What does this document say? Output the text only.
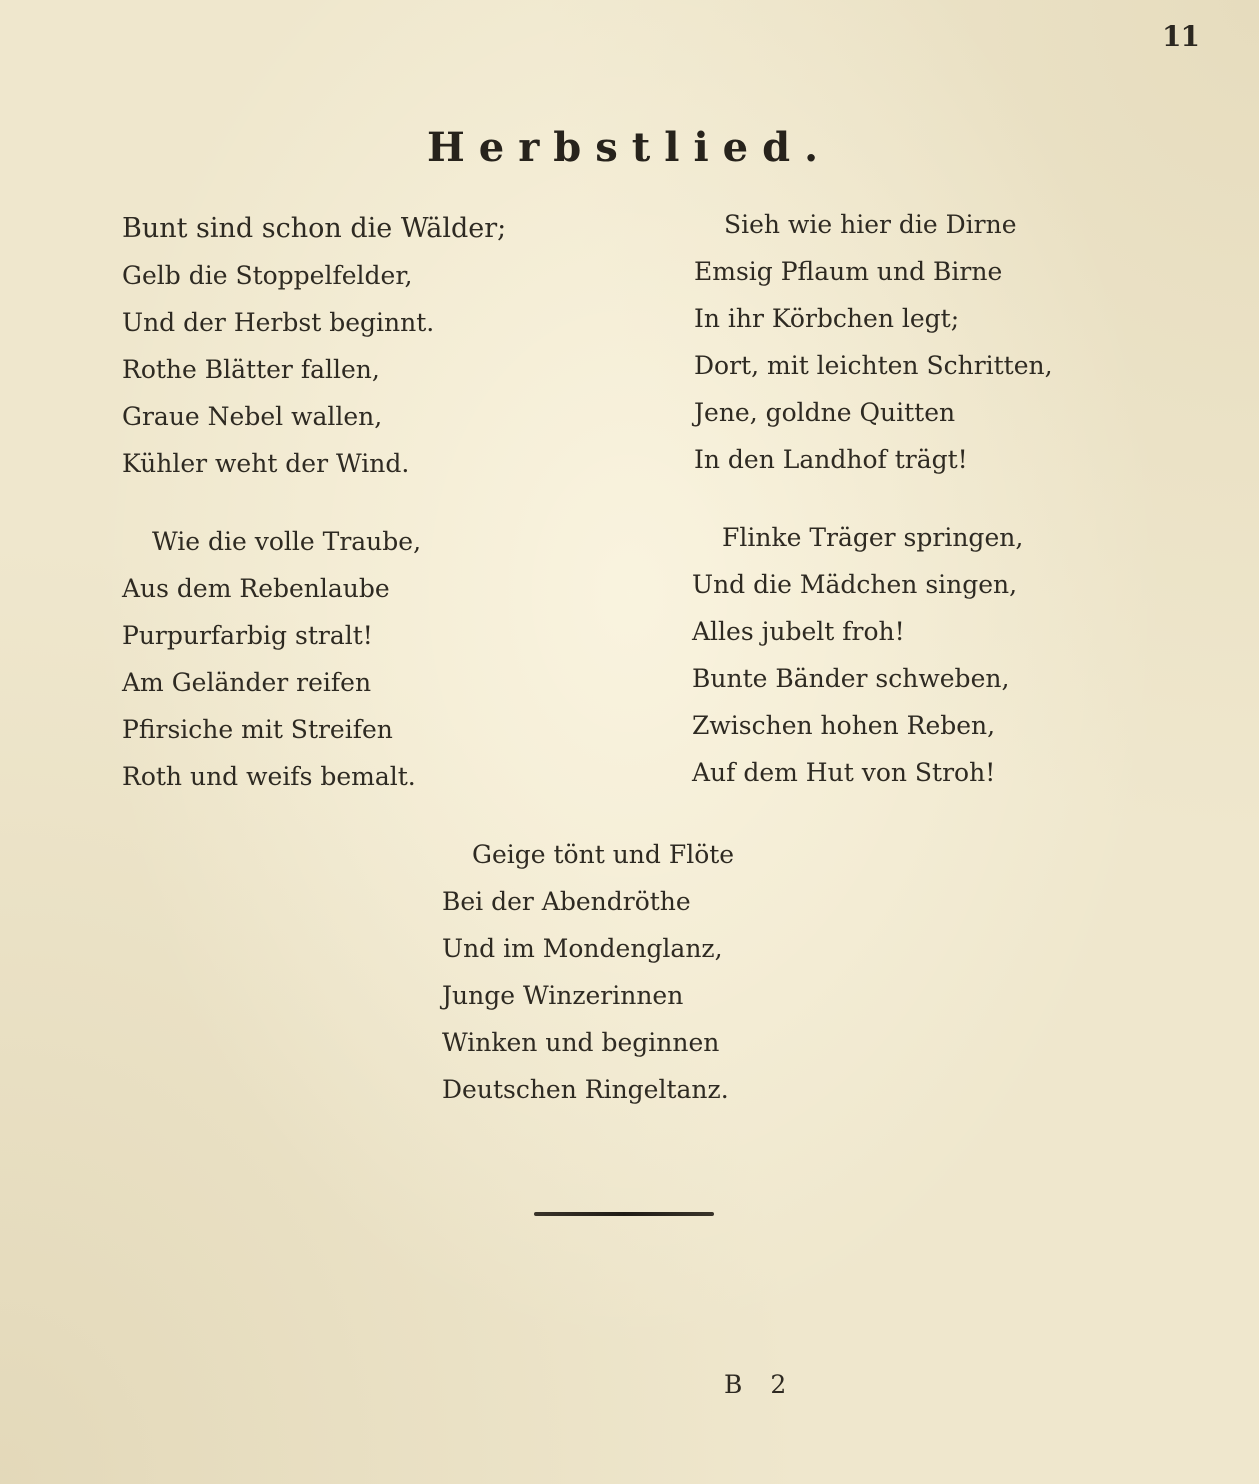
11
Herbstlied.
Bunt sind schon die Wälder;
Gelb die Stoppelfelder,
Und der Herbst beginnt.
Rothe Blätter fallen,
Graue Nebel wallen,
Kühler weht der Wind.
Sieh wie hier die Dirne
Emsig Pflaum und Birne
In ihr Körbchen legt;
Dort, mit leichten Schritten,
Jene, goldne Quitten
In den Landhof trägt!
Wie die volle Traube,
Aus dem Rebenlaube
Purpurfarbig stralt!
Am Geländer reifen
Pfirsiche mit Streifen
Roth und weifs bemalt.
Flinke Träger springen,
Und die Mädchen singen,
Alles jubelt froh!
Bunte Bänder schweben,
Zwischen hohen Reben,
Auf dem Hut von Stroh!
Geige tönt und Flöte
Bei der Abendröthe
Und im Mondenglanz,
Junge Winzerinnen
Winken und beginnen
Deutschen Ringeltanz.
B 2
